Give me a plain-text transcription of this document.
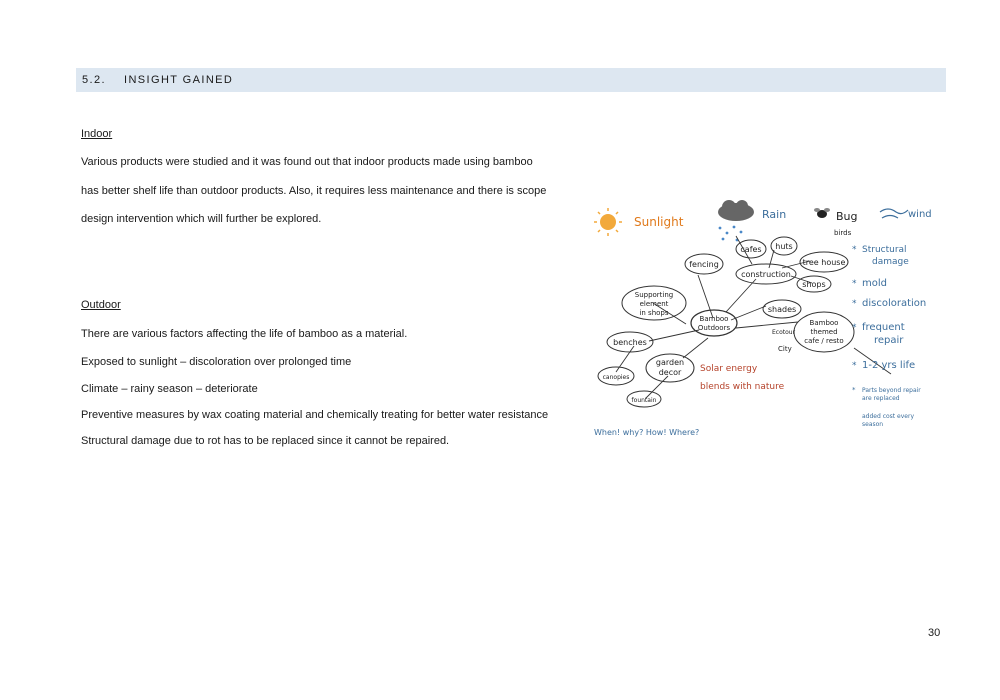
5.2. INSIGHT GAINED

Indoor

Various products were studied and it was found out that indoor products made using bamboo

has better shelf life than outdoor products. Also, it requires less maintenance and there is scope

design intervention which will further be explored.

Outdoor

There are various factors affecting the life of bamboo as a material.

Exposed to sunlight – discoloration over prolonged time

Climate – rainy season – deteriorate

Preventive measures by wax coating material and chemically treating for better water resistance

Structural damage due to rot has to be replaced since it cannot be repaired.

Sunlight
Rain	Bug
birds
wind
Bamboo
Outdoors
fencing
cafes huts
construction
tree house
shops
Supporting
element
in shops	shades
benches
garden
decor
Bamboo
themed
cafe / resto
canopies
fountain
Ecotour
City
* Structural
damage
* mold
* discoloration
* frequent
repair
* 1-2 yrs life
* Parts beyond repair
are replaced
added cost every
season
Solar energy
blends with nature
When! why? How! Where?
30
